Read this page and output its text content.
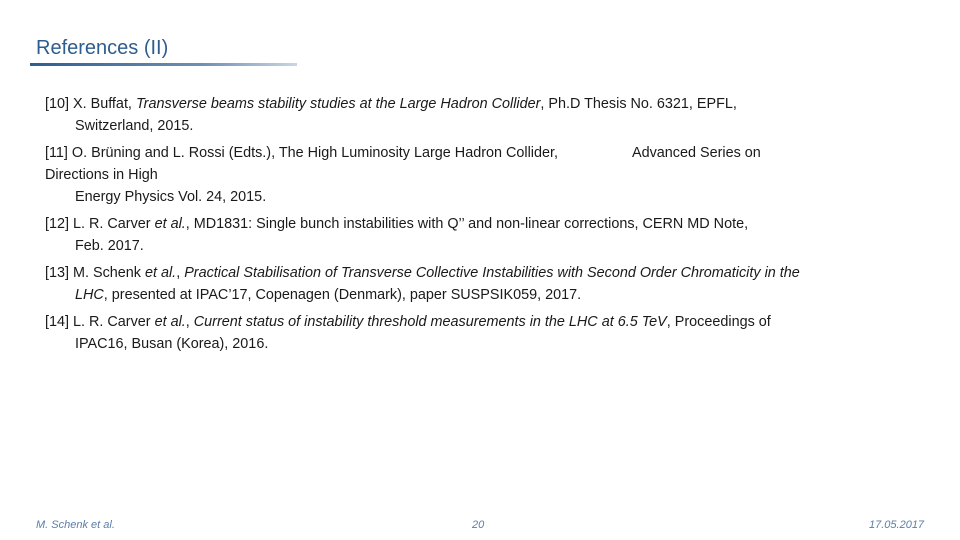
References (II)

[10] X. Buffat, Transverse beams stability studies at the Large Hadron Collider, Ph.D Thesis No. 6321, EPFL,
Switzerland, 2015.

[11] O. Brüning and L. Rossi (Edts.), The High Luminosity Large Hadron Collider,	Advanced Series on
Directions in High
Energy Physics Vol. 24, 2015.

[12] L. R. Carver et al., MD1831: Single bunch instabilities with Q’’ and non-linear corrections, CERN MD Note,
Feb. 2017.

[13] M. Schenk et al., Practical Stabilisation of Transverse Collective Instabilities with Second Order Chromaticity in the
LHC, presented at IPAC’17, Copenagen (Denmark), paper SUSPSIK059, 2017.

[14] L. R. Carver et al., Current status of instability threshold measurements in the LHC at 6.5 TeV, Proceedings of
IPAC16, Busan (Korea), 2016.

M. Schenk et al.	20	17.05.2017
